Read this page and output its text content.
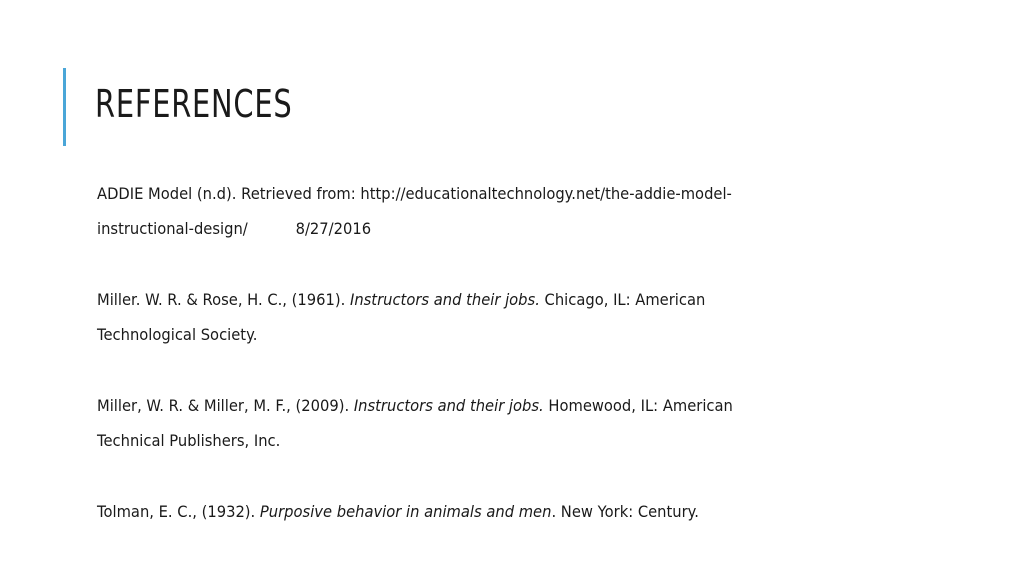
REFERENCES
ADDIE Model (n.d). Retrieved from: http://educationaltechnology.net/the-addie-model-
instructional-design/	8/27/2016
Miller. W. R. & Rose, H. C., (1961). Instructors and their jobs. Chicago, IL: American
Technological Society.
Miller, W. R. & Miller, M. F., (2009). Instructors and their jobs. Homewood, IL: American
Technical Publishers, Inc.
Tolman, E. C., (1932). Purposive behavior in animals and men. New York: Century.
